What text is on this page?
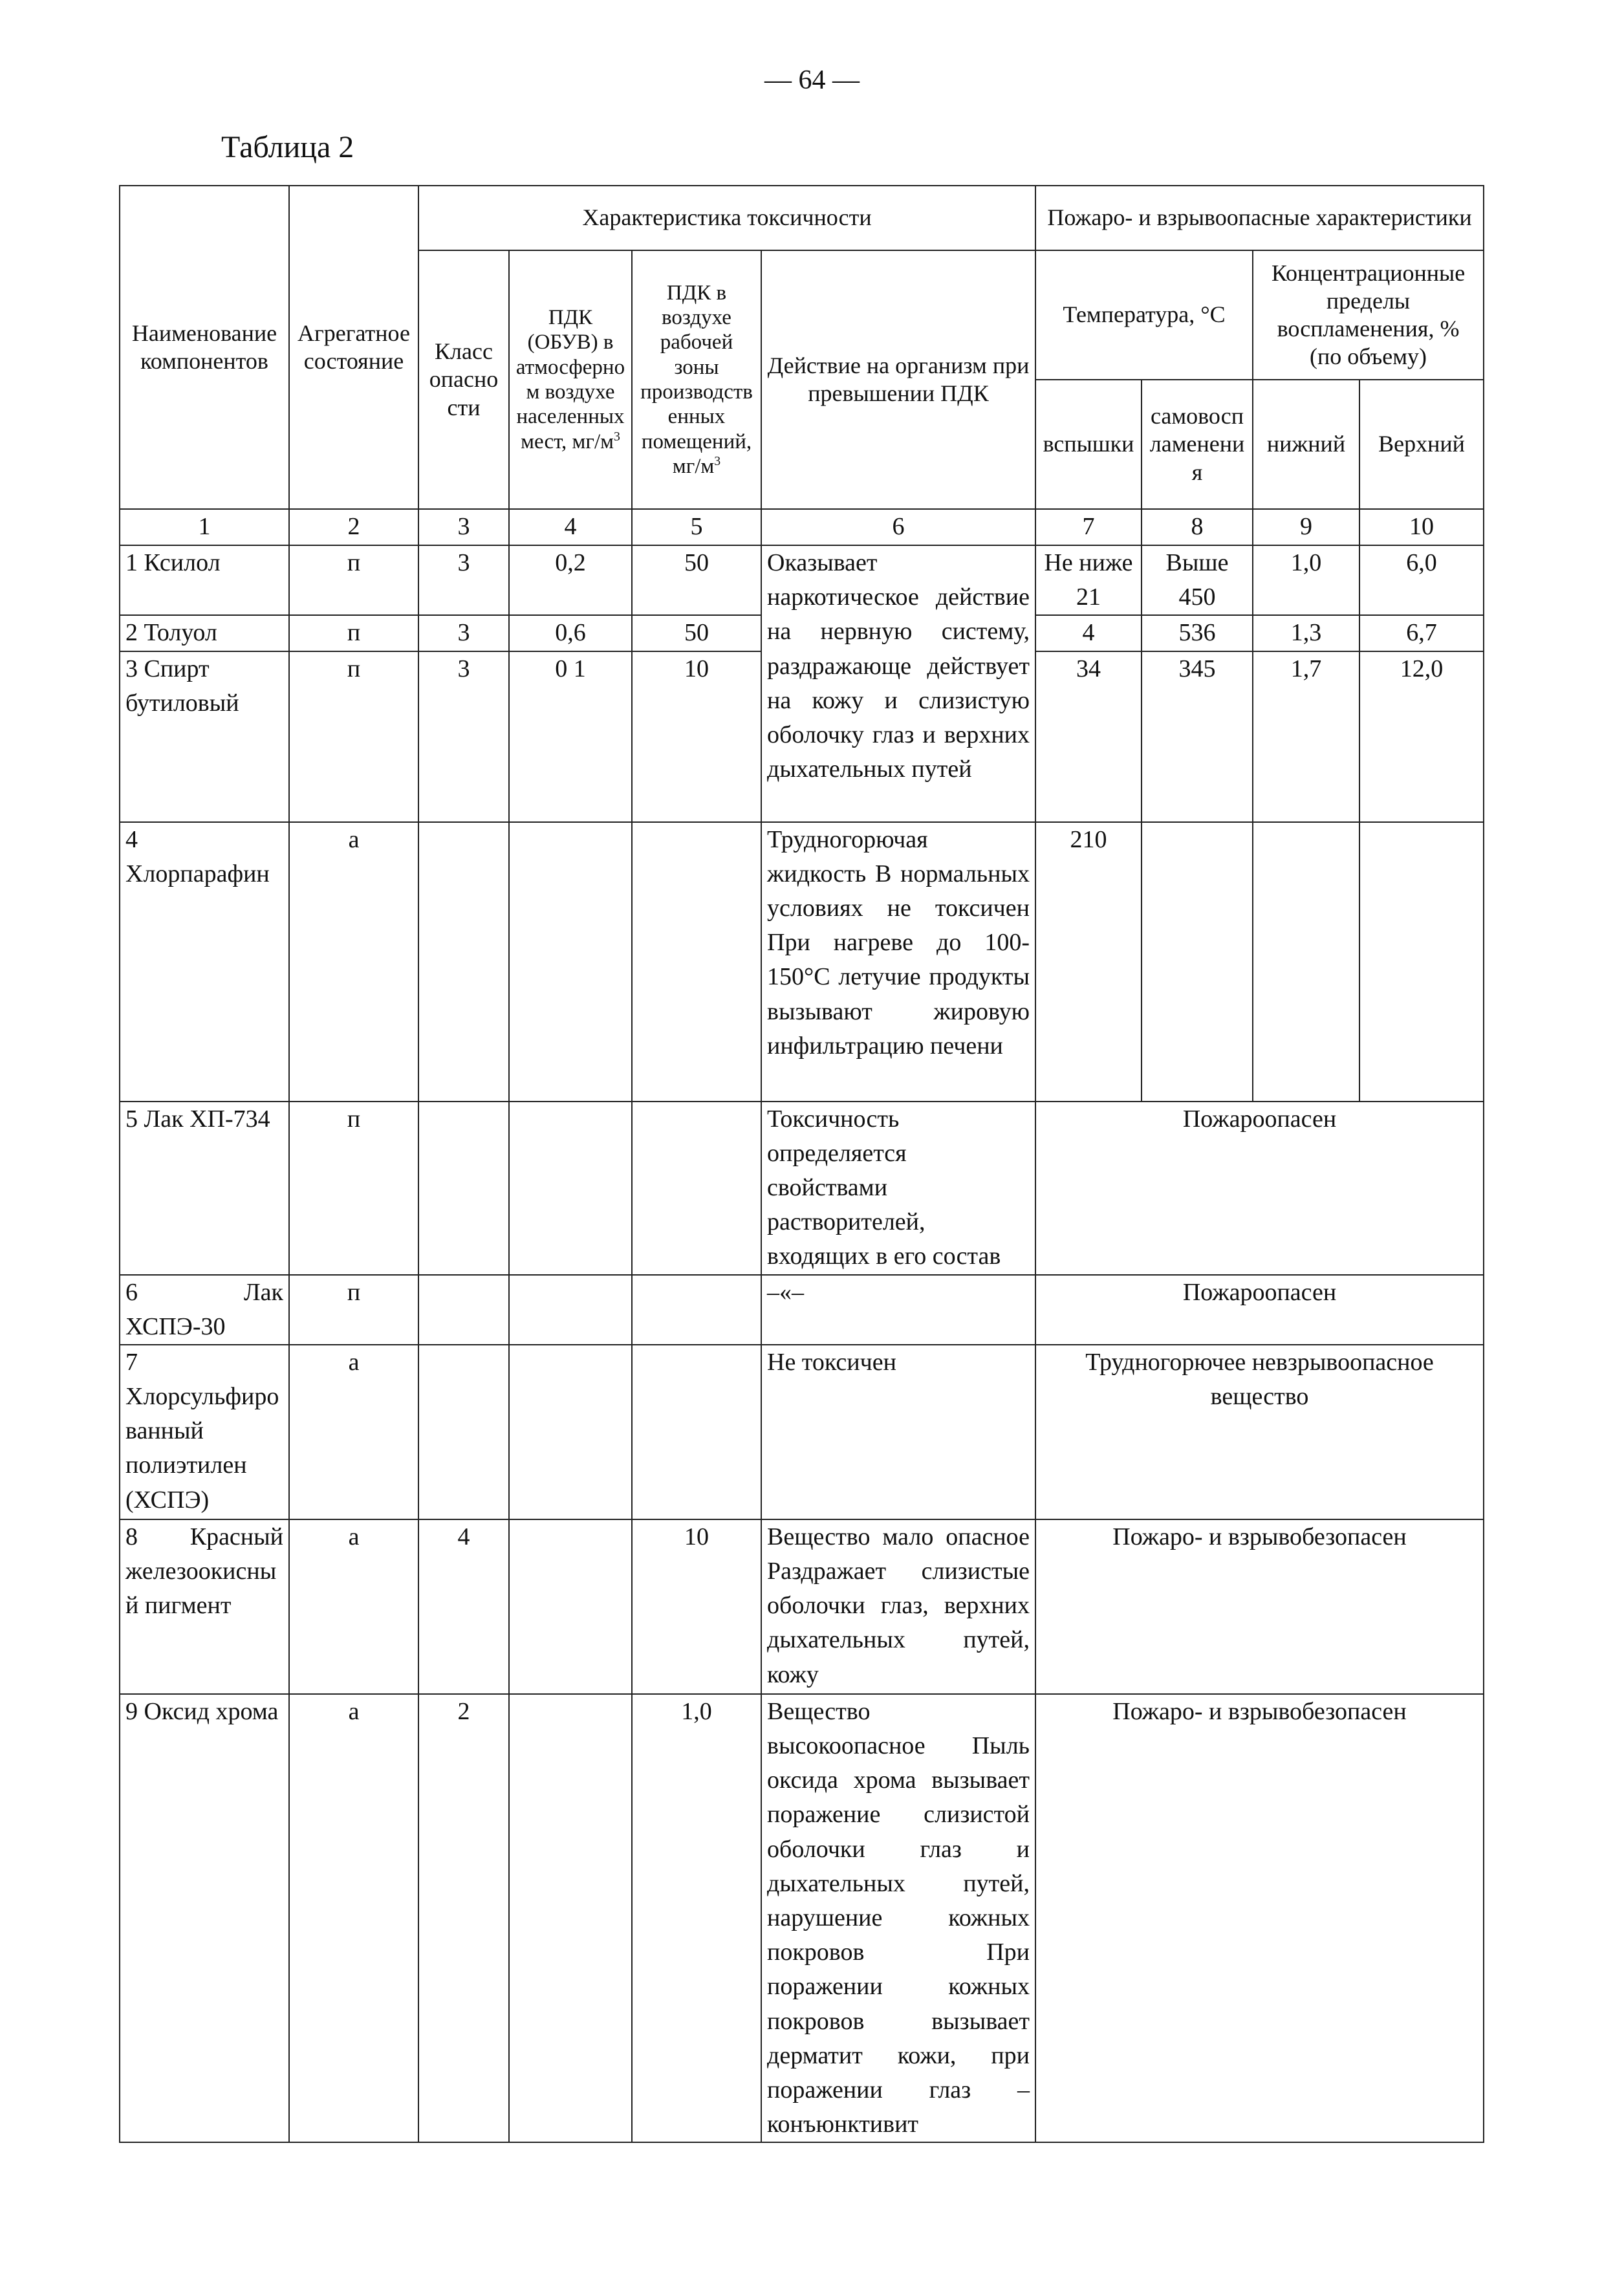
— 64 —
Таблица 2
Наименование компонентов	Агрегатное состояние	Характеристика токсичности				Пожаро- и взрывоопасные характеристики			
		Класс опасности	ПДК (ОБУВ) в атмосферном воздухе населенных мест, $мг/м^3$	ПДК в воздухе рабочей зоны производственных помещений, $мг/м^3$	Действие на организм при превышении ПДК	Температура, °С		Концентрационные пределы воспламенения, % (по объему)	
						вспышки	самовоспламенения	нижний	Верхний
1	2	3	4	5	6	7	8	9	10
1 Ксилол	п	3	0,2	50	Оказывает наркотическое действие на нервную систему, раздражающе действует на кожу и слизистую оболочку глаз и верхних дыхательных путей	Не ниже 21	Выше 450	1,0	6,0
2 Толуол	п	3	0,6	50		4	536	1,3	6,7
3 Спирт бутиловый	п	3	0 1	10		34	345	1,7	12,0
4 Хлорпарафин	а				Трудногорючая жидкость В нормальных условиях не токсичен При нагреве до 100-150°С летучие продукты вызывают жировую инфильтрацию печени	210			
5 Лак ХП-734	п				Токсичность определяется свойствами растворителей, входящих в его состав	Пожароопасен			
6 Лак ХСПЭ-30	п				–«–	Пожароопасен			
7 Хлорсульфированный полиэтилен (ХСПЭ)	а				Не токсичен	Трудногорючее невзрывоопасное вещество			
8 Красный железоокисный пигмент	а	4		10	Вещество мало опасное Раздражает слизистые оболочки глаз, верхних дыхательных путей, кожу	Пожаро- и взрывобезопасен			
9 Оксид хрома	а	2		1,0	Вещество высокоопасное Пыль оксида хрома вызывает поражение слизистой оболочки глаз и дыхательных путей, нарушение кожных покровов При поражении кожных покровов вызывает дерматит кожи, при поражении глаз – конъюнктивит	Пожаро- и взрывобезопасен			
